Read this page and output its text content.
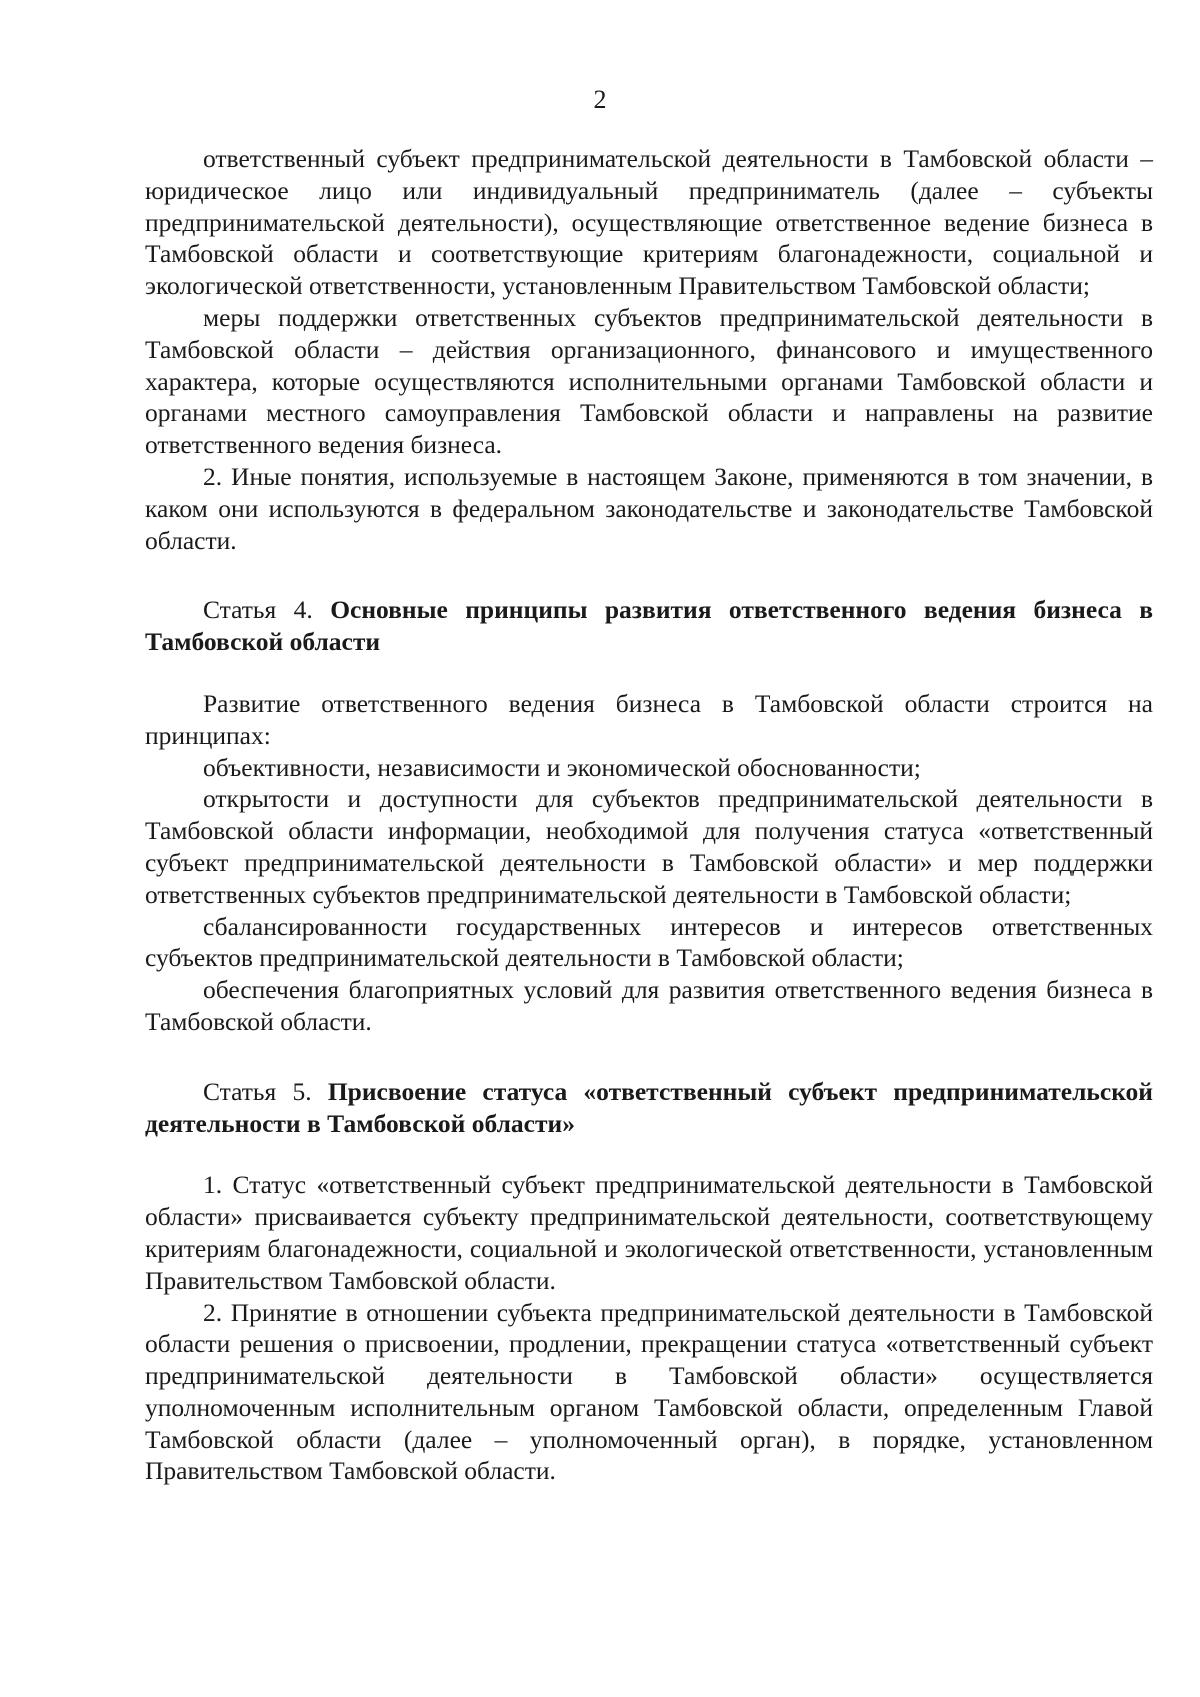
2

ответственный субъект предпринимательской деятельности в Тамбовской области – юридическое лицо или индивидуальный предприниматель (далее – субъекты предпринимательской деятельности), осуществляющие ответственное ведение бизнеса в Тамбовской области и соответствующие критериям благонадежности, социальной и экологической ответственности, установленным Правительством Тамбовской области;

меры поддержки ответственных субъектов предпринимательской деятельности в Тамбовской области – действия организационного, финансового и имущественного характера, которые осуществляются исполнительными органами Тамбовской области и органами местного самоуправления Тамбовской области и направлены на развитие ответственного ведения бизнеса.

2. Иные понятия, используемые в настоящем Законе, применяются в том значении, в каком они используются в федеральном законодательстве и законодательстве Тамбовской области.

Статья 4. Основные принципы развития ответственного ведения бизнеса в Тамбовской области

Развитие ответственного ведения бизнеса в Тамбовской области строится на принципах:

объективности, независимости и экономической обоснованности;

открытости и доступности для субъектов предпринимательской деятельности в Тамбовской области информации, необходимой для получения статуса «ответственный субъект предпринимательской деятельности в Тамбовской области» и мер поддержки ответственных субъектов предпринимательской деятельности в Тамбовской области;

сбалансированности государственных интересов и интересов ответственных субъектов предпринимательской деятельности в Тамбовской области;

обеспечения благоприятных условий для развития ответственного ведения бизнеса в Тамбовской области.

Статья 5. Присвоение статуса «ответственный субъект предпринимательской деятельности в Тамбовской области»

1. Статус «ответственный субъект предпринимательской деятельности в Тамбовской области» присваивается субъекту предпринимательской деятельности, соответствующему критериям благонадежности, социальной и экологической ответственности, установленным Правительством Тамбовской области.

2. Принятие в отношении субъекта предпринимательской деятельности в Тамбовской области решения о присвоении, продлении, прекращении статуса «ответственный субъект предпринимательской деятельности в Тамбовской области» осуществляется уполномоченным исполнительным органом Тамбовской области, определенным Главой Тамбовской области (далее – уполномоченный орган), в порядке, установленном Правительством Тамбовской области.
